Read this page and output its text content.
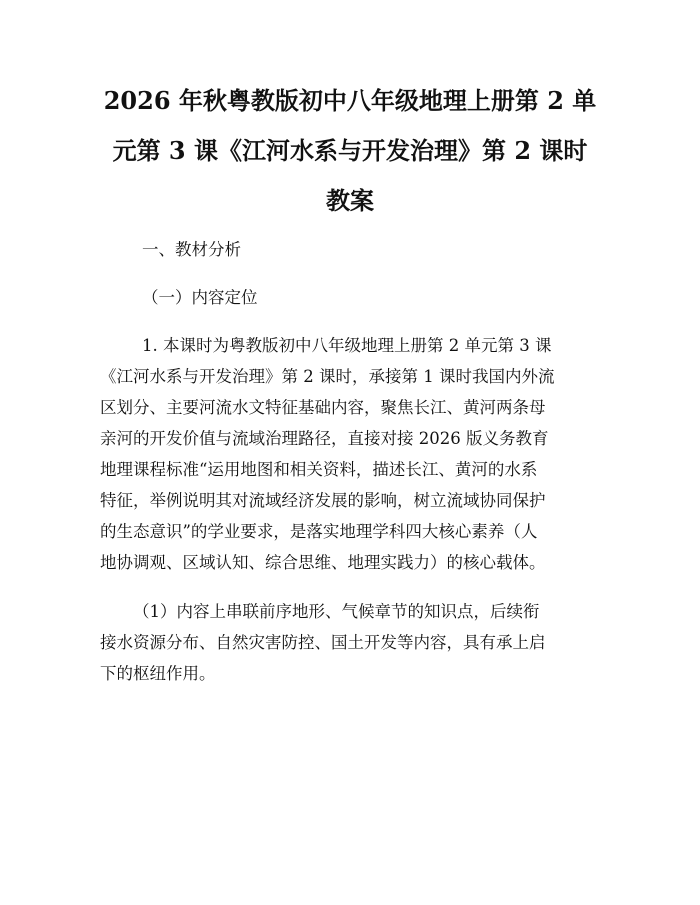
2026 年秋粤教版初中八年级地理上册第 2 单
元第 3 课《江河水系与开发治理》第 2 课时
教案
一、教材分析
（一）内容定位
1. 本课时为粤教版初中八年级地理上册第 2 单元第 3 课
《江河水系与开发治理》第 2 课时，承接第 1 课时我国内外流
区划分、主要河流水文特征基础内容，聚焦长江、黄河两条母
亲河的开发价值与流域治理路径，直接对接 2026 版义务教育
地理课程标准“运用地图和相关资料，描述长江、黄河的水系
特征，举例说明其对流域经济发展的影响，树立流域协同保护
的生态意识”的学业要求，是落实地理学科四大核心素养（人
地协调观、区域认知、综合思维、地理实践力）的核心载体。
（1）内容上串联前序地形、气候章节的知识点，后续衔
接水资源分布、自然灾害防控、国土开发等内容，具有承上启
下的枢纽作用。
